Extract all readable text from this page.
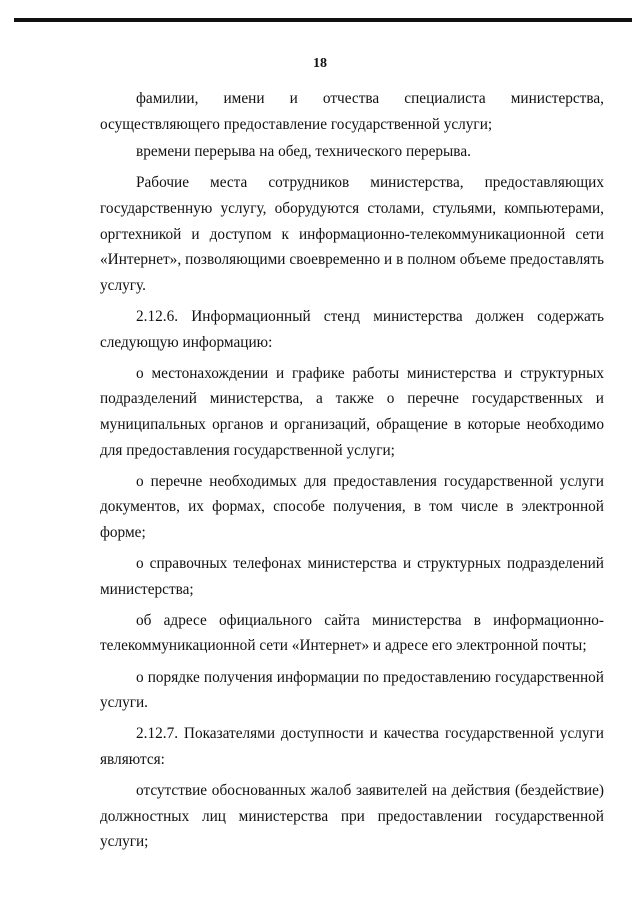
18

фамилии, имени и отчества специалиста министерства, осуществляющего предоставление государственной услуги;

времени перерыва на обед, технического перерыва.

Рабочие места сотрудников министерства, предоставляющих государственную услугу, оборудуются столами, стульями, компьютерами, оргтехникой и доступом к информационно-телекоммуникационной сети «Интернет», позволяющими своевременно и в полном объеме предоставлять услугу.

2.12.6. Информационный стенд министерства должен содержать следующую информацию:

о местонахождении и графике работы министерства и структурных подразделений министерства, а также о перечне государственных и муниципальных органов и организаций, обращение в которые необходимо для предоставления государственной услуги;

о перечне необходимых для предоставления государственной услуги документов, их формах, способе получения, в том числе в электронной форме;

о справочных телефонах министерства и структурных подразделений министерства;

об адресе официального сайта министерства в информационно-телекоммуникационной сети «Интернет» и адресе его электронной почты;

о порядке получения информации по предоставлению государственной услуги.

2.12.7. Показателями доступности и качества государственной услуги являются:

отсутствие обоснованных жалоб заявителей на действия (бездействие) должностных лиц министерства при предоставлении государственной услуги;
